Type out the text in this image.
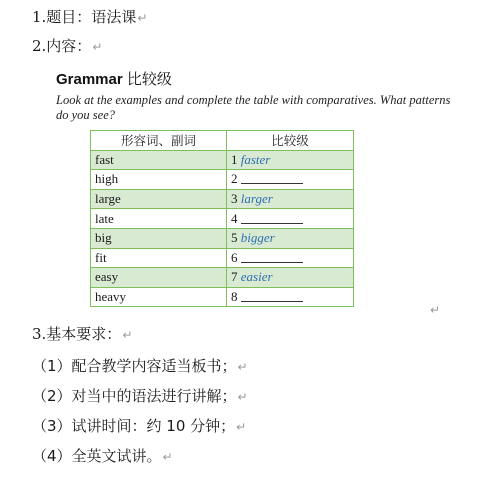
1.题目：语法课↵
2.内容：↵
Grammar 比较级
Look at the examples and complete the table with comparatives. What patterns do you see?
形容词、副词	比较级
fast	1 faster
high	2
large	3 larger
late	4
big	5 bigger
fit	6
easy	7 easier
heavy	8
↵
3.基本要求：↵
（1）配合教学内容适当板书；↵
（2）对当中的语法进行讲解；↵
（3）试讲时间：约 10 分钟；↵
（4）全英文试讲。↵
